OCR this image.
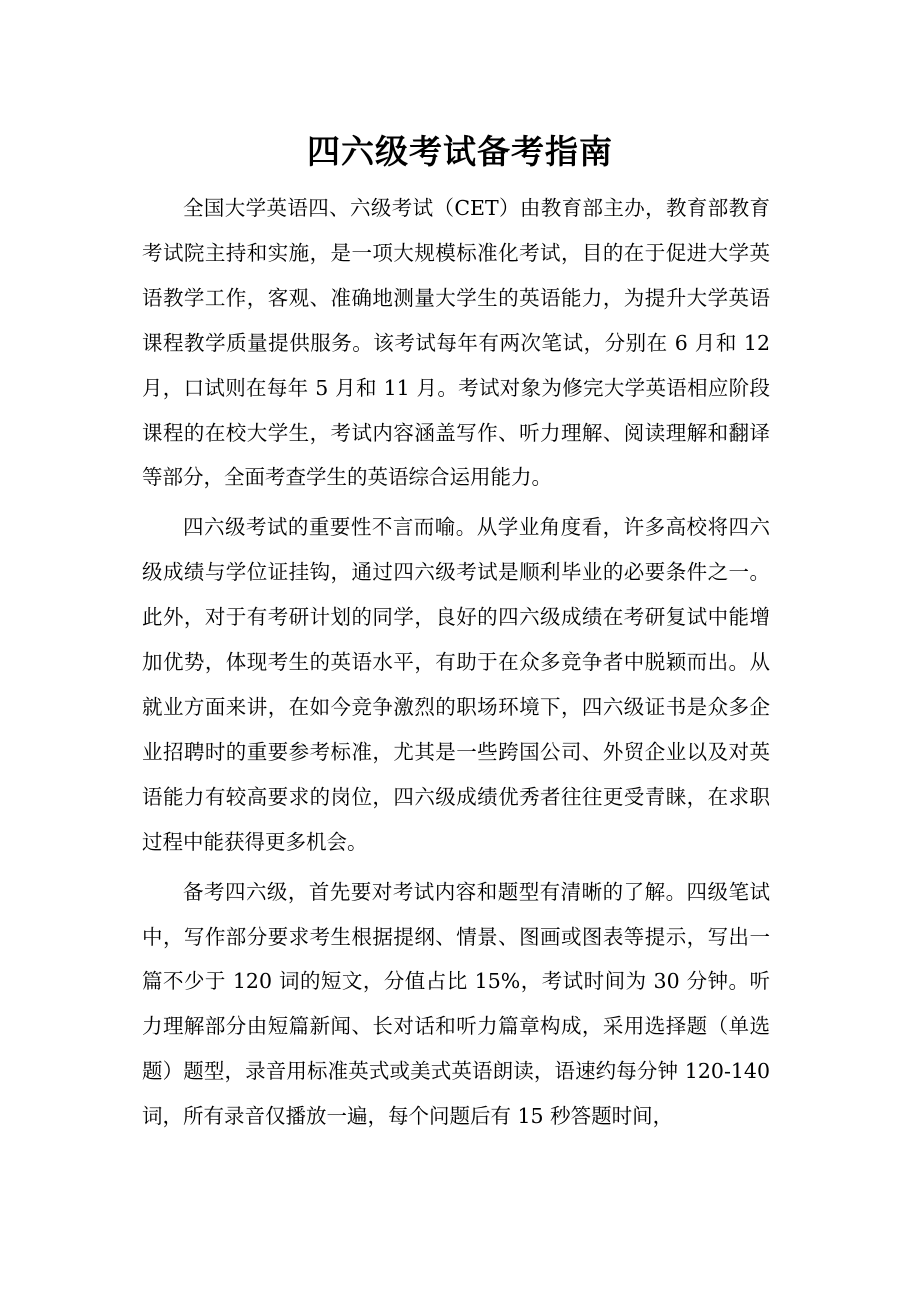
四六级考试备考指南

全国大学英语四、六级考试（CET）由教育部主办，教育部教育考试院主持和实施，是一项大规模标准化考试，目的在于促进大学英语教学工作，客观、准确地测量大学生的英语能力，为提升大学英语课程教学质量提供服务。该考试每年有两次笔试，分别在 6 月和 12 月，口试则在每年 5 月和 11 月。考试对象为修完大学英语相应阶段课程的在校大学生，考试内容涵盖写作、听力理解、阅读理解和翻译等部分，全面考查学生的英语综合运用能力。

四六级考试的重要性不言而喻。从学业角度看，许多高校将四六级成绩与学位证挂钩，通过四六级考试是顺利毕业的必要条件之一。此外，对于有考研计划的同学，良好的四六级成绩在考研复试中能增加优势，体现考生的英语水平，有助于在众多竞争者中脱颖而出。从就业方面来讲，在如今竞争激烈的职场环境下，四六级证书是众多企业招聘时的重要参考标准，尤其是一些跨国公司、外贸企业以及对英语能力有较高要求的岗位，四六级成绩优秀者往往更受青睐，在求职过程中能获得更多机会。

备考四六级，首先要对考试内容和题型有清晰的了解。四级笔试中，写作部分要求考生根据提纲、情景、图画或图表等提示，写出一篇不少于 120 词的短文，分值占比 15%，考试时间为 30 分钟。听力理解部分由短篇新闻、长对话和听力篇章构成，采用选择题（单选题）题型，录音用标准英式或美式英语朗读，语速约每分钟 120-140 词，所有录音仅播放一遍，每个问题后有 15 秒答题时间，
